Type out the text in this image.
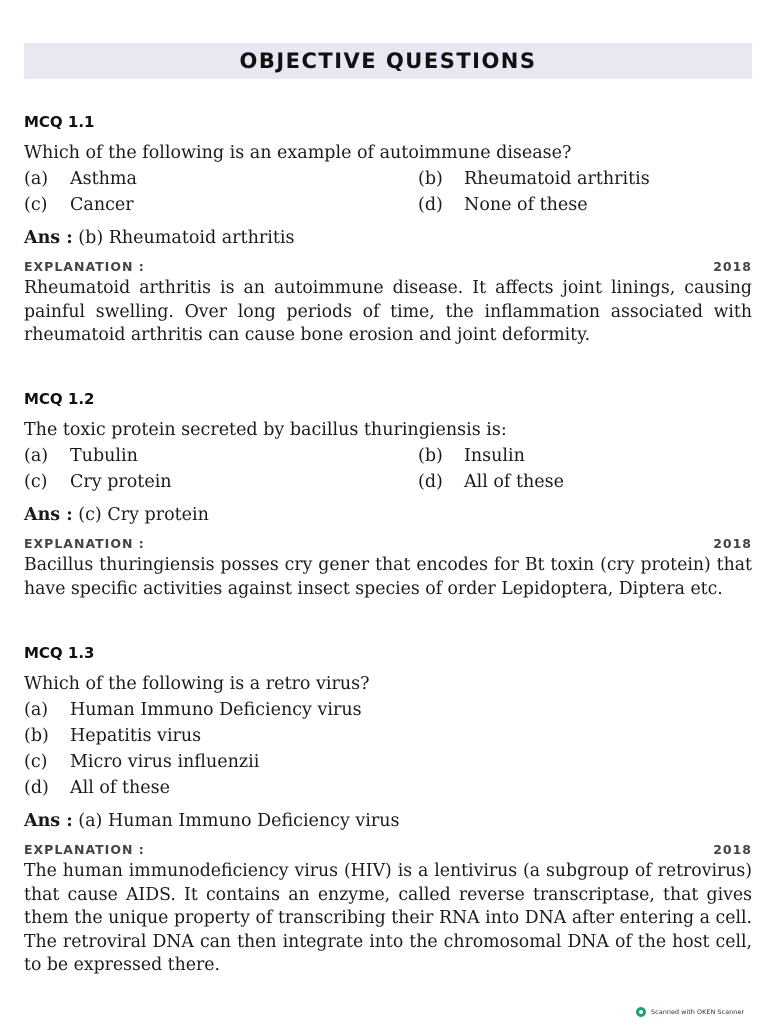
OBJECTIVE QUESTIONS
MCQ 1.1
Which of the following is an example of autoimmune disease?
(a) Asthma	(b) Rheumatoid arthritis
(c) Cancer	(d) None of these
Ans : (b) Rheumatoid arthritis
EXPLANATION :	2018
Rheumatoid arthritis is an autoimmune disease. It affects joint linings, causing painful swelling. Over long periods of time, the inflammation associated with rheumatoid arthritis can cause bone erosion and joint deformity.
MCQ 1.2
The toxic protein secreted by bacillus thuringiensis is:
(a) Tubulin	(b) Insulin
(c) Cry protein	(d) All of these
Ans : (c) Cry protein
EXPLANATION :	2018
Bacillus thuringiensis posses cry gener that encodes for Bt toxin (cry protein) that have specific activities against insect species of order Lepidoptera, Diptera etc.
MCQ 1.3
Which of the following is a retro virus?
(a) Human Immuno Deficiency virus
(b) Hepatitis virus
(c) Micro virus influenzii
(d) All of these
Ans : (a) Human Immuno Deficiency virus
EXPLANATION :	2018
The human immunodeficiency virus (HIV) is a lentivirus (a subgroup of retrovirus) that cause AIDS. It contains an enzyme, called reverse transcriptase, that gives them the unique property of transcribing their RNA into DNA after entering a cell. The retroviral DNA can then integrate into the chromosomal DNA of the host cell, to be expressed there.
Scanned with OKEN Scanner
